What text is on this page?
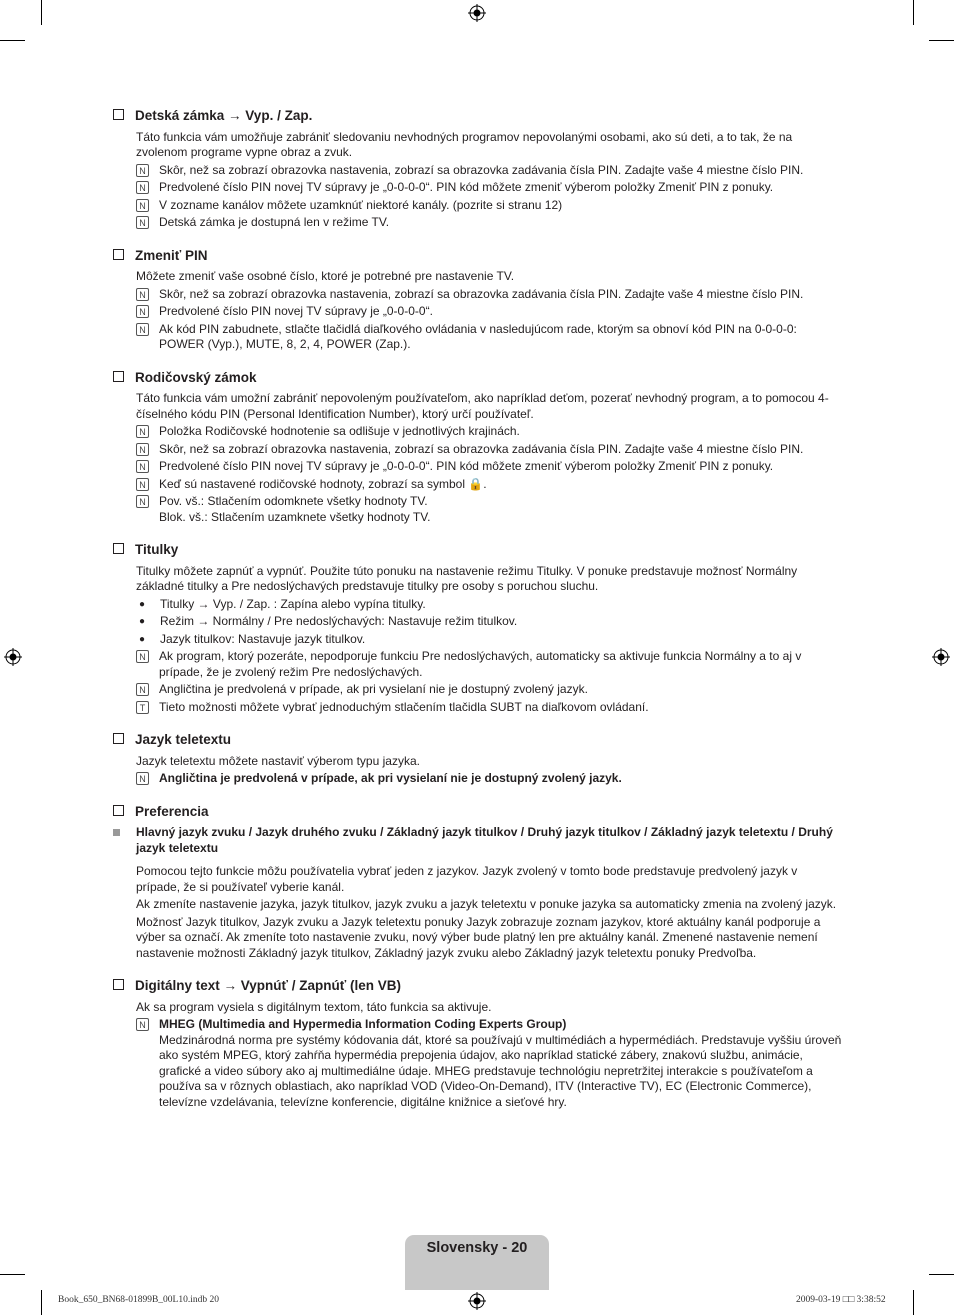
Detská zámka → Vyp. / Zap.
Táto funkcia vám umožňuje zabrániť sledovaniu nevhodných programov nepovolanými osobami, ako sú deti, a to tak, že na zvolenom programe vypne obraz a zvuk.
N Skôr, než sa zobrazí obrazovka nastavenia, zobrazí sa obrazovka zadávania čísla PIN. Zadajte vaše 4 miestne číslo PIN.
N Predvolené číslo PIN novej TV súpravy je „0-0-0-0“. PIN kód môžete zmeniť výberom položky Zmeniť PIN z ponuky.
N V zozname kanálov môžete uzamknúť niektoré kanály. (pozrite si stranu 12)
N Detská zámka je dostupná len v režime TV.
Zmeniť PIN
Môžete zmeniť vaše osobné číslo, ktoré je potrebné pre nastavenie TV.
N Skôr, než sa zobrazí obrazovka nastavenia, zobrazí sa obrazovka zadávania čísla PIN. Zadajte vaše 4 miestne číslo PIN.
N Predvolené číslo PIN novej TV súpravy je „0-0-0-0“.
N Ak kód PIN zabudnete, stlačte tlačidlá diaľkového ovládania v nasledujúcom rade, ktorým sa obnoví kód PIN na 0-0-0-0: POWER (Vyp.), MUTE, 8, 2, 4, POWER (Zap.).
Rodičovský zámok
Táto funkcia vám umožní zabrániť nepovoleným používateľom, ako napríklad deťom, pozerať nevhodný program, a to pomocou 4-číselného kódu PIN (Personal Identification Number), ktorý určí používateľ.
N Položka Rodičovské hodnotenie sa odlišuje v jednotlivých krajinách.
N Skôr, než sa zobrazí obrazovka nastavenia, zobrazí sa obrazovka zadávania čísla PIN. Zadajte vaše 4 miestne číslo PIN.
N Predvolené číslo PIN novej TV súpravy je „0-0-0-0“. PIN kód môžete zmeniť výberom položky Zmeniť PIN z ponuky.
N Keď sú nastavené rodičovské hodnoty, zobrazí sa symbol 🔒.
N Pov. vš.: Stlačením odomknete všetky hodnoty TV.
Blok. vš.: Stlačením uzamknete všetky hodnoty TV.
Titulky
Titulky môžete zapnúť a vypnúť. Použite túto ponuku na nastavenie režimu Titulky. V ponuke predstavuje možnosť Normálny základné titulky a Pre nedoslýchavých predstavuje titulky pre osoby s poruchou sluchu.
●	Titulky → Vyp. / Zap. : Zapína alebo vypína titulky.
●	Režim → Normálny / Pre nedoslýchavých: Nastavuje režim titulkov.
●	Jazyk titulkov: Nastavuje jazyk titulkov.
N Ak program, ktorý pozeráte, nepodporuje funkciu Pre nedoslýchavých, automaticky sa aktivuje funkcia Normálny a to aj v prípade, že je zvolený režim Pre nedoslýchavých.
N Angličtina je predvolená v prípade, ak pri vysielaní nie je dostupný zvolený jazyk.
T	Tieto možnosti môžete vybrať jednoduchým stlačením tlačidla SUBT na diaľkovom ovládaní.
Jazyk teletextu
Jazyk teletextu môžete nastaviť výberom typu jazyka.
N Angličtina je predvolená v prípade, ak pri vysielaní nie je dostupný zvolený jazyk.
Preferencia
Hlavný jazyk zvuku / Jazyk druhého zvuku / Základný jazyk titulkov / Druhý jazyk titulkov / Základný jazyk teletextu / Druhý jazyk teletextu
Pomocou tejto funkcie môžu používatelia vybrať jeden z jazykov. Jazyk zvolený v tomto bode predstavuje predvolený jazyk v prípade, že si používateľ vyberie kanál.
Ak zmeníte nastavenie jazyka, jazyk titulkov, jazyk zvuku a jazyk teletextu v ponuke jazyka sa automaticky zmenia na zvolený jazyk.
Možnosť Jazyk titulkov, Jazyk zvuku a Jazyk teletextu ponuky Jazyk zobrazuje zoznam jazykov, ktoré aktuálny kanál podporuje a výber sa označí. Ak zmeníte toto nastavenie zvuku, nový výber bude platný len pre aktuálny kanál. Zmenené nastavenie nemení nastavenie možnosti Základný jazyk titulkov, Základný jazyk zvuku alebo Základný jazyk teletextu ponuky Predvoľba.
Digitálny text → Vypnúť / Zapnúť (len VB)
Ak sa program vysiela s digitálnym textom, táto funkcia sa aktivuje.
N MHEG (Multimedia and Hypermedia Information Coding Experts Group)
Medzinárodná norma pre systémy kódovania dát, ktoré sa používajú v multimédiách a hypermédiách. Predstavuje vyššiu úroveň ako systém MPEG, ktorý zahŕňa hypermédia prepojenia údajov, ako napríklad statické zábery, znakovú službu, animácie, grafické a video súbory ako aj multimediálne údaje. MHEG predstavuje technológiu nepretržitej interakcie s používateľom a používa sa v rôznych oblastiach, ako napríklad VOD (Video-On-Demand), ITV (Interactive TV), EC (Electronic Commerce), televízne vzdelávania, televízne konferencie, digitálne knižnice a sieťové hry.
Slovensky - 20
Book_650_BN68-01899B_00L10.indb 20	2009-03-19 □□ 3:38:52
